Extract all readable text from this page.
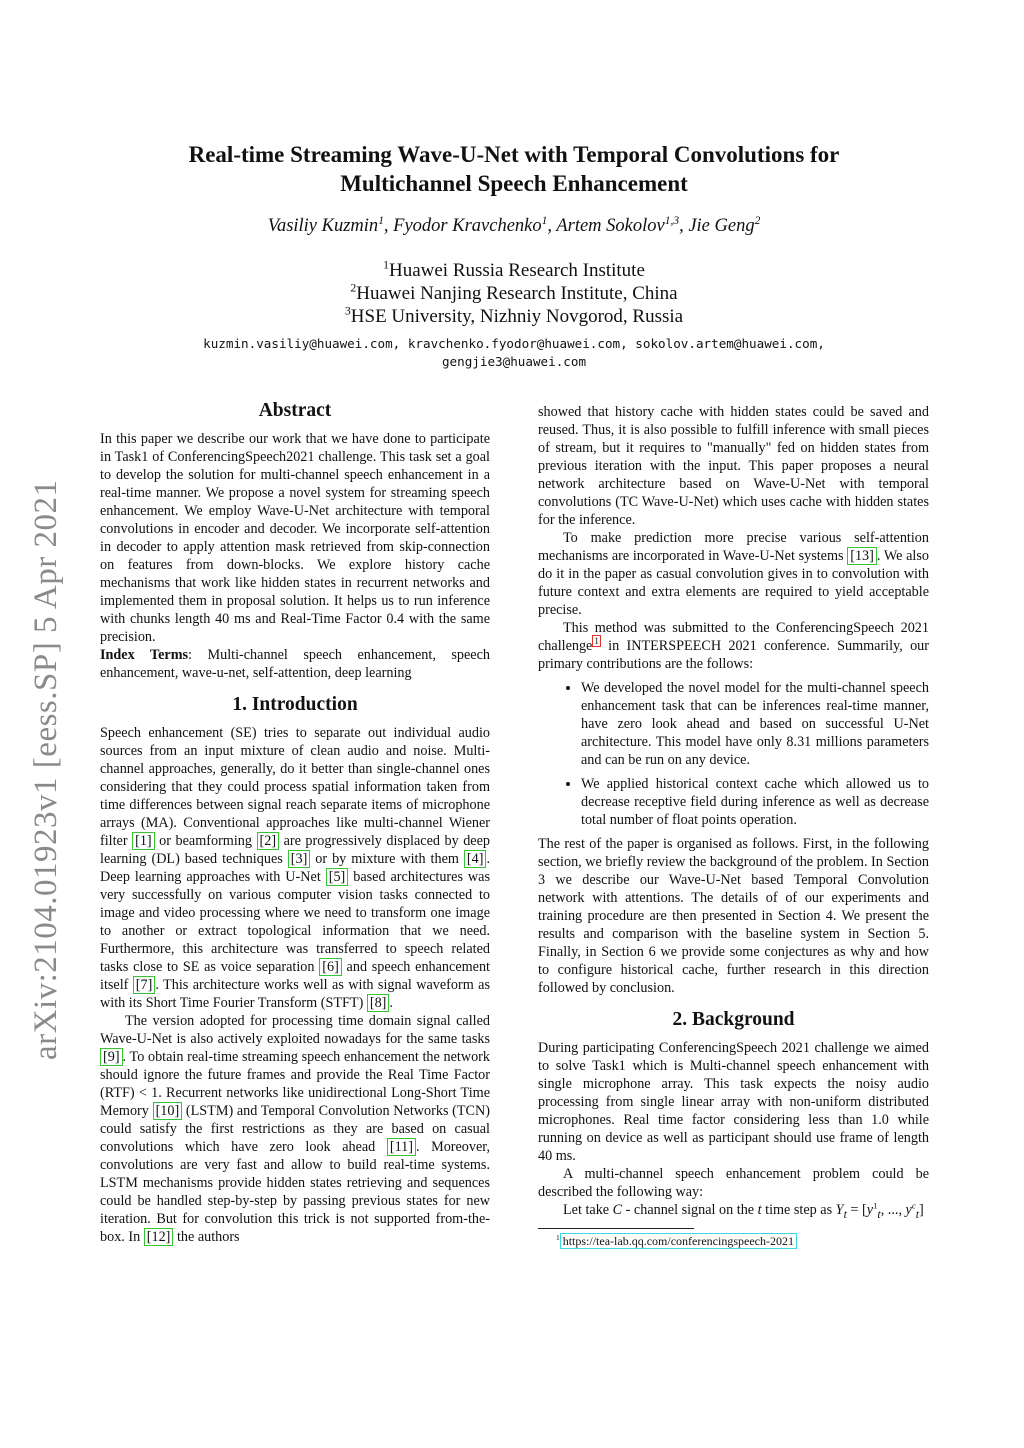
arXiv:2104.01923v1 [eess.SP] 5 Apr 2021
Real-time Streaming Wave-U-Net with Temporal Convolutions for
Multichannel Speech Enhancement
Vasiliy Kuzmin$^1$, Fyodor Kravchenko$^1$, Artem Sokolov$^{1,3}$, Jie Geng$^2$
$^1$Huawei Russia Research Institute
$^2$Huawei Nanjing Research Institute, China
$^3$HSE University, Nizhniy Novgorod, Russia
kuzmin.vasiliy@huawei.com, kravchenko.fyodor@huawei.com, sokolov.artem@huawei.com,
gengjie3@huawei.com
Abstract

In this paper we describe our work that we have done to participate in Task1 of ConferencingSpeech2021 challenge. This task set a goal to develop the solution for multi-channel speech enhancement in a real-time manner. We propose a novel system for streaming speech enhancement. We employ Wave-U-Net architecture with temporal convolutions in encoder and decoder. We incorporate self-attention in decoder to apply attention mask retrieved from skip-connection on features from down-blocks. We explore history cache mechanisms that work like hidden states in recurrent networks and implemented them in proposal solution. It helps us to run inference with chunks length 40 ms and Real-Time Factor 0.4 with the same precision.

Index Terms: Multi-channel speech enhancement, speech enhancement, wave-u-net, self-attention, deep learning

1. Introduction

Speech enhancement (SE) tries to separate out individual audio sources from an input mixture of clean audio and noise. Multi-channel approaches, generally, do it better than single-channel ones considering that they could process spatial information taken from time differences between signal reach separate items of microphone arrays (MA). Conventional approaches like multi-channel Wiener filter [1] or beamforming [2] are progressively displaced by deep learning (DL) based techniques [3] or by mixture with them [4] . Deep learning approaches with U-Net [5] based architectures was very successfully on various computer vision tasks connected to image and video processing where we need to transform one image to another or extract topological information that we need. Furthermore, this architecture was transferred to speech related tasks close to SE as voice separation [6] and speech enhancement itself [7] . This architecture works well as with signal waveform as with its Short Time Fourier Transform (STFT) [8] .

The version adopted for processing time domain signal called Wave-U-Net is also actively exploited nowadays for the same tasks [9] . To obtain real-time streaming speech enhancement the network should ignore the future frames and provide the Real Time Factor (RTF) < 1. Recurrent networks like unidirectional Long-Short Time Memory [10] (LSTM) and Temporal Convolution Networks (TCN) could satisfy the first restrictions as they are based on casual convolutions which have zero look ahead [11] . Moreover, convolutions are very fast and allow to build real-time systems. LSTM mechanisms provide hidden states retrieving and sequences could be handled step-by-step by passing previous states for new iteration. But for convolution this trick is not supported from-the-box. In [12] the authors

showed that history cache with hidden states could be saved and reused. Thus, it is also possible to fulfill inference with small pieces of stream, but it requires to "manually" fed on hidden states from previous iteration with the input. This paper proposes a neural network architecture based on Wave-U-Net with temporal convolutions (TC Wave-U-Net) which uses cache with hidden states for the inference.

To make prediction more precise various self-attention mechanisms are incorporated in Wave-U-Net systems [13] . We also do it in the paper as casual convolution gives in to convolution with future context and extra elements are required to yield acceptable precise.

This method was submitted to the ConferencingSpeech 2021 challenge $^1$ in INTERSPEECH 2021 conference. Summarily, our primary contributions are the follows:

• We developed the novel model for the multi-channel speech enhancement task that can be inferences real-time manner, have zero look ahead and based on successful U-Net architecture. This model have only 8.31 millions parameters and can be run on any device.
• We applied historical context cache which allowed us to decrease receptive field during inference as well as decrease total number of float points operation.

The rest of the paper is organised as follows. First, in the following section, we briefly review the background of the problem. In Section 3 we describe our Wave-U-Net based Temporal Convolution network with attentions. The details of of our experiments and training procedure are then presented in Section 4. We present the results and comparison with the baseline system in Section 5. Finally, in Section 6 we provide some conjectures as why and how to configure historical cache, further research in this direction followed by conclusion.

2. Background

During participating ConferencingSpeech 2021 challenge we aimed to solve Task1 which is Multi-channel speech enhancement with single microphone array. This task expects the noisy audio processing from single linear array with non-uniform distributed microphones. Real time factor considering less than 1.0 while running on device as well as participant should use frame of length 40 ms.

A multi-channel speech enhancement problem could be described the following way:

Let take C - channel signal on the t time step as $Y_t = [y^1_t$, ..., $y^c_t$]

$^1$ https://tea-lab.qq.com/conferencingspeech-2021
